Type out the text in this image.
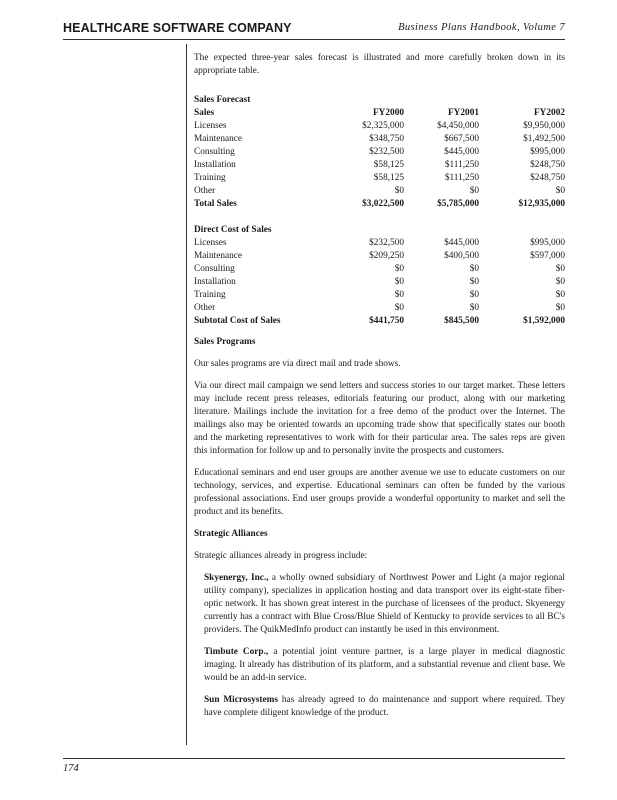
HEALTHCARE SOFTWARE COMPANY	Business Plans Handbook, Volume 7

The expected three-year sales forecast is illustrated and more carefully broken down in its appropriate table.

Sales Forecast
Sales	FY2000	FY2001	FY2002
Licenses	$2,325,000	$4,450,000	$9,950,000
Maintenance	$348,750	$667,500	$1,492,500
Consulting	$232,500	$445,000	$995,000
Installation	$58,125	$111,250	$248,750
Training	$58,125	$111,250	$248,750
Other	$0	$0	$0
Total Sales	$3,022,500	$5,785,000	$12,935,000
Direct Cost of Sales
Licenses	$232,500	$445,000	$995,000
Maintenance	$209,250	$400,500	$597,000
Consulting	$0	$0	$0
Installation	$0	$0	$0
Training	$0	$0	$0
Other	$0	$0	$0
Subtotal Cost of Sales	$441,750	$845,500	$1,592,000
Sales Programs

Our sales programs are via direct mail and trade shows.

Via our direct mail campaign we send letters and success stories to our target market. These letters may include recent press releases, editorials featuring our product, along with our marketing literature. Mailings include the invitation for a free demo of the product over the Internet. The mailings also may be oriented towards an upcoming trade show that specifically states our booth and the marketing representatives to work with for their particular area. The sales reps are given this information for follow up and to personally invite the prospects and customers.

Educational seminars and end user groups are another avenue we use to educate customers on our technology, services, and expertise. Educational seminars can often be funded by the various professional associations. End user groups provide a wonderful opportunity to market and sell the product and its benefits.

Strategic Alliances

Strategic alliances already in progress include:

Skyenergy, Inc., a wholly owned subsidiary of Northwest Power and Light (a major regional utility company), specializes in application hosting and data transport over its eight-state fiber-optic network. It has shown great interest in the purchase of licensees of the product. Skyenergy currently has a contract with Blue Cross/Blue Shield of Kentucky to provide services to all BC's providers. The QuikMedInfo product can instantly be used in this environment.

Timbute Corp., a potential joint venture partner, is a large player in medical diagnostic imaging. It already has distribution of its platform, and a substantial revenue and client base. We would be an add-in service.

Sun Microsystems has already agreed to do maintenance and support where required. They have complete diligent knowledge of the product.

174
